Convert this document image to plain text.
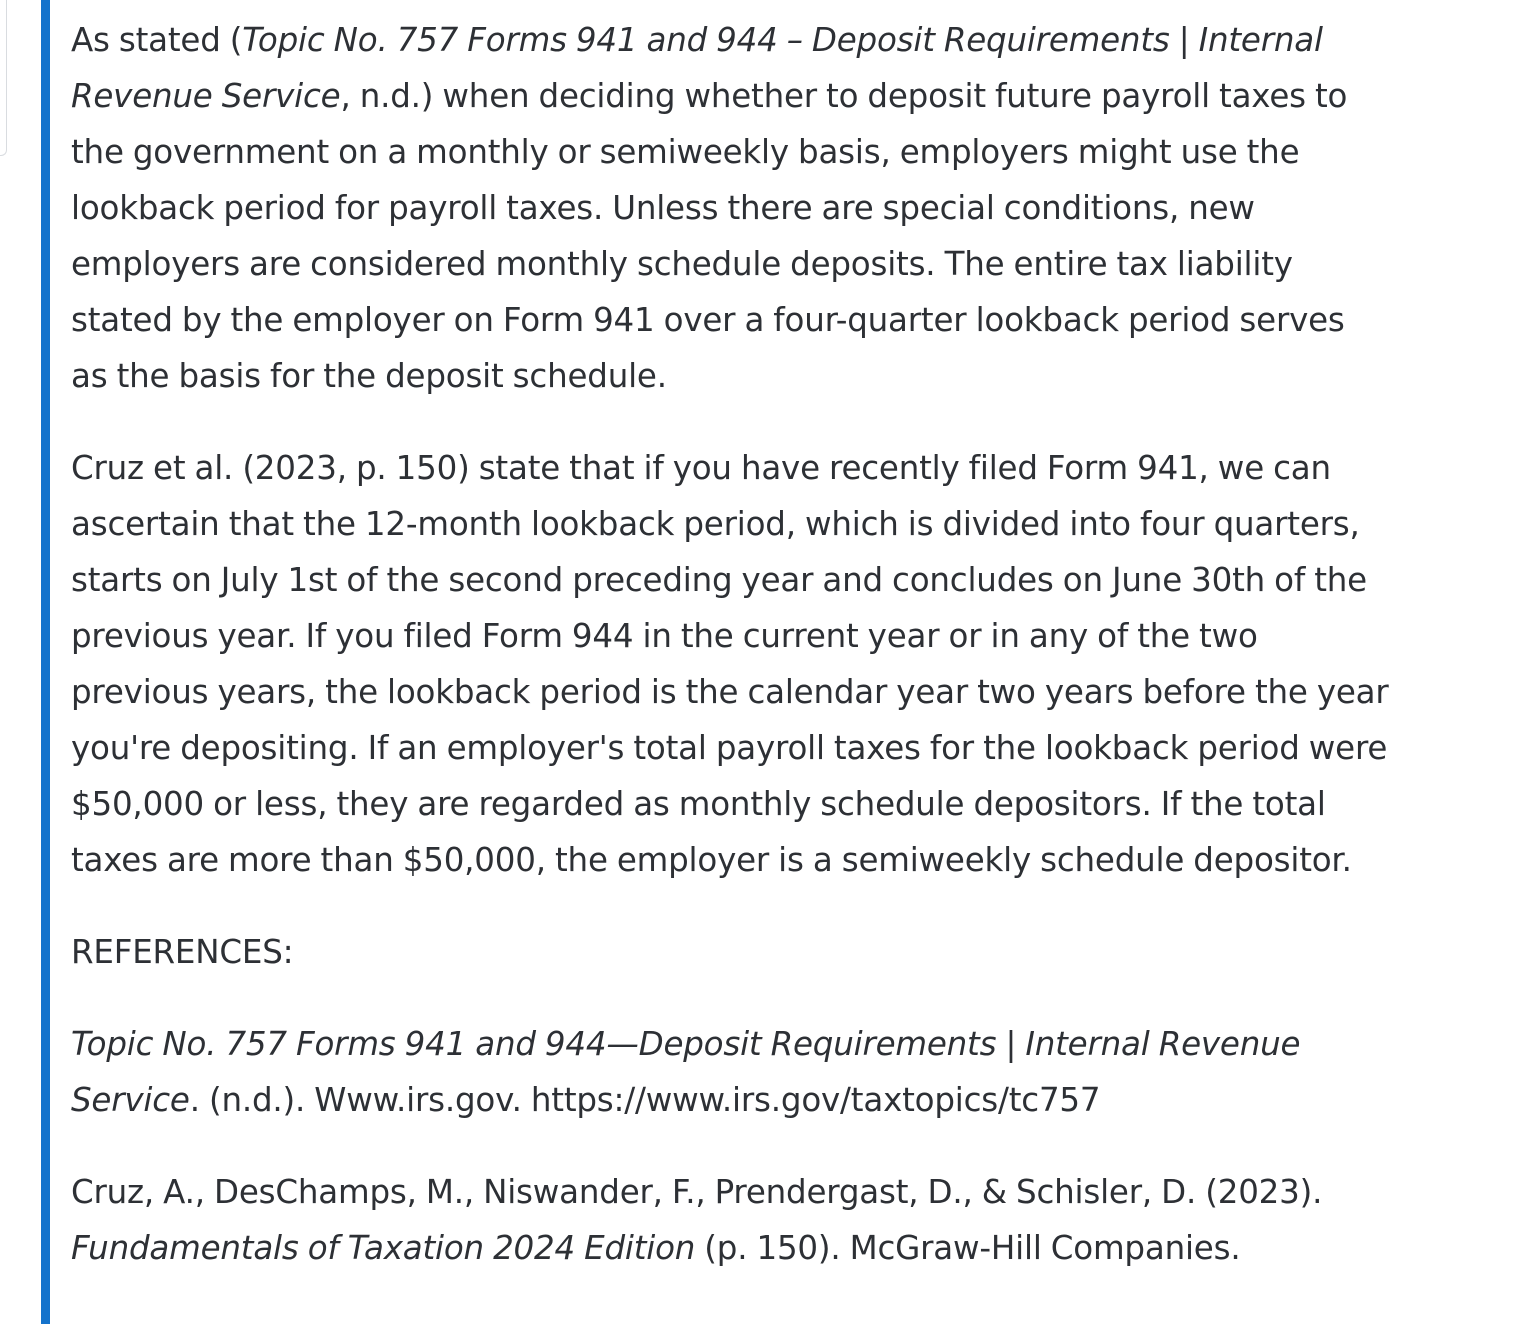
As stated (Topic No. 757 Forms 941 and 944 – Deposit Requirements | Internal
Revenue Service, n.d.) when deciding whether to deposit future payroll taxes to
the government on a monthly or semiweekly basis, employers might use the
lookback period for payroll taxes. Unless there are special conditions, new
employers are considered monthly schedule deposits. The entire tax liability
stated by the employer on Form 941 over a four-quarter lookback period serves
as the basis for the deposit schedule.
Cruz et al. (2023, p. 150) state that if you have recently filed Form 941, we can
ascertain that the 12-month lookback period, which is divided into four quarters,
starts on July 1st of the second preceding year and concludes on June 30th of the
previous year. If you filed Form 944 in the current year or in any of the two
previous years, the lookback period is the calendar year two years before the year
you're depositing. If an employer's total payroll taxes for the lookback period were
$50,000 or less, they are regarded as monthly schedule depositors. If the total
taxes are more than $50,000, the employer is a semiweekly schedule depositor.
REFERENCES:
Topic No. 757 Forms 941 and 944—Deposit Requirements | Internal Revenue
Service. (n.d.). Www.irs.gov. https://www.irs.gov/taxtopics/tc757
Cruz, A., DesChamps, M., Niswander, F., Prendergast, D., & Schisler, D. (2023).
Fundamentals of Taxation 2024 Edition (p. 150). McGraw-Hill Companies.
